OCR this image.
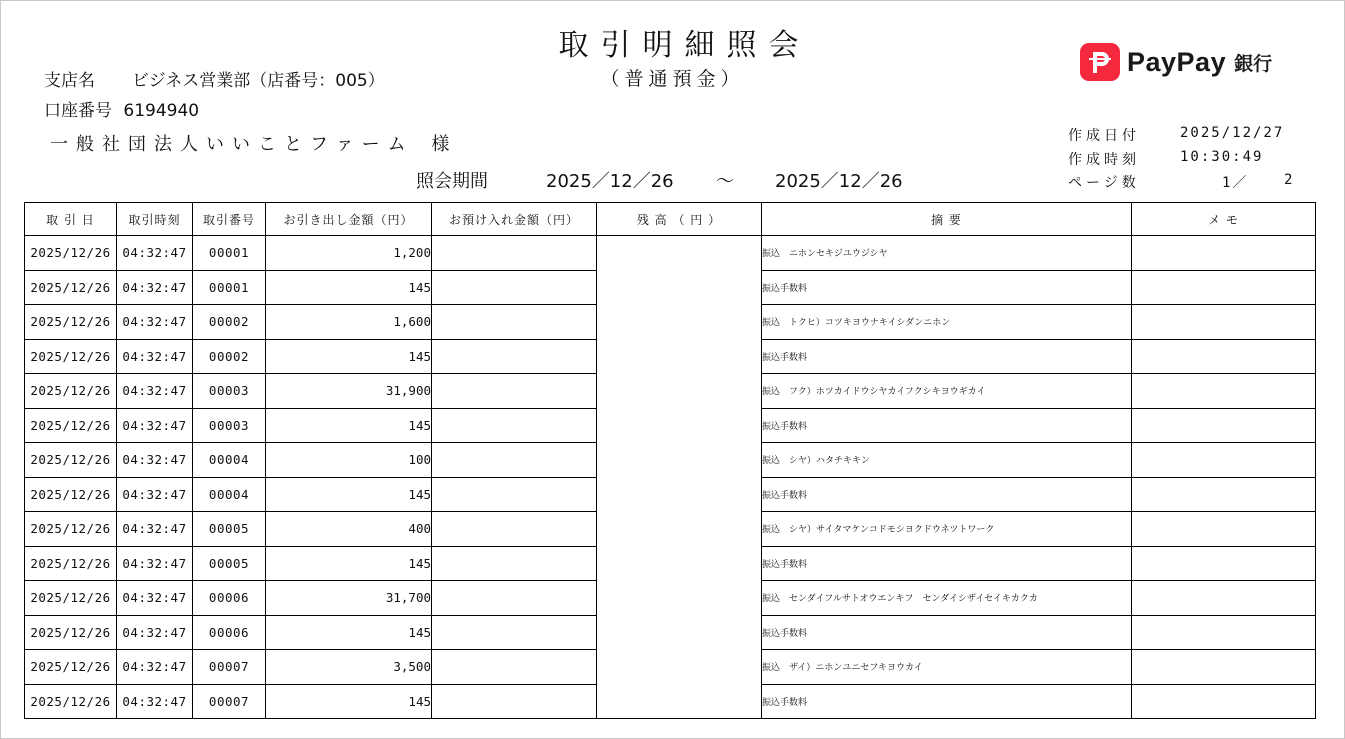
取引明細照会
（普通預金）
支店名 ビジネス営業部（店番号：005）
口座番号 6194940
一般社団法人いいことファーム 様
照会期間	2025／12／26 ～ 2025／12／26
PayPay 銀行
作成日付	2025/12/27
作成時刻	10:30:49
ページ数	1／	2
取 引 日	取引時刻	取引番号	お引き出し金額（円）	お預け入れ金額（円）	残 高 （ 円 ）	摘 要	メ モ
2025/12/26	04:32:47	00001	1,200			振込　ニホンセキジユウジシヤ	
2025/12/26	04:32:47	00001	145			振込手数料	
2025/12/26	04:32:47	00002	1,600			振込　トクヒ）コツキヨウナキイシダンニホン	
2025/12/26	04:32:47	00002	145			振込手数料	
2025/12/26	04:32:47	00003	31,900			振込　フク）ホツカイドウシヤカイフクシキヨウギカイ	
2025/12/26	04:32:47	00003	145			振込手数料	
2025/12/26	04:32:47	00004	100			振込　シヤ）ハタチキキン	
2025/12/26	04:32:47	00004	145			振込手数料	
2025/12/26	04:32:47	00005	400			振込　シヤ）サイタマケンコドモシヨクドウネツトワーク	
2025/12/26	04:32:47	00005	145			振込手数料	
2025/12/26	04:32:47	00006	31,700			振込　センダイフルサトオウエンキフ　センダイシザイセイキカクカ	
2025/12/26	04:32:47	00006	145			振込手数料	
2025/12/26	04:32:47	00007	3,500			振込　ザイ）ニホンユニセフキヨウカイ	
2025/12/26	04:32:47	00007	145			振込手数料	
